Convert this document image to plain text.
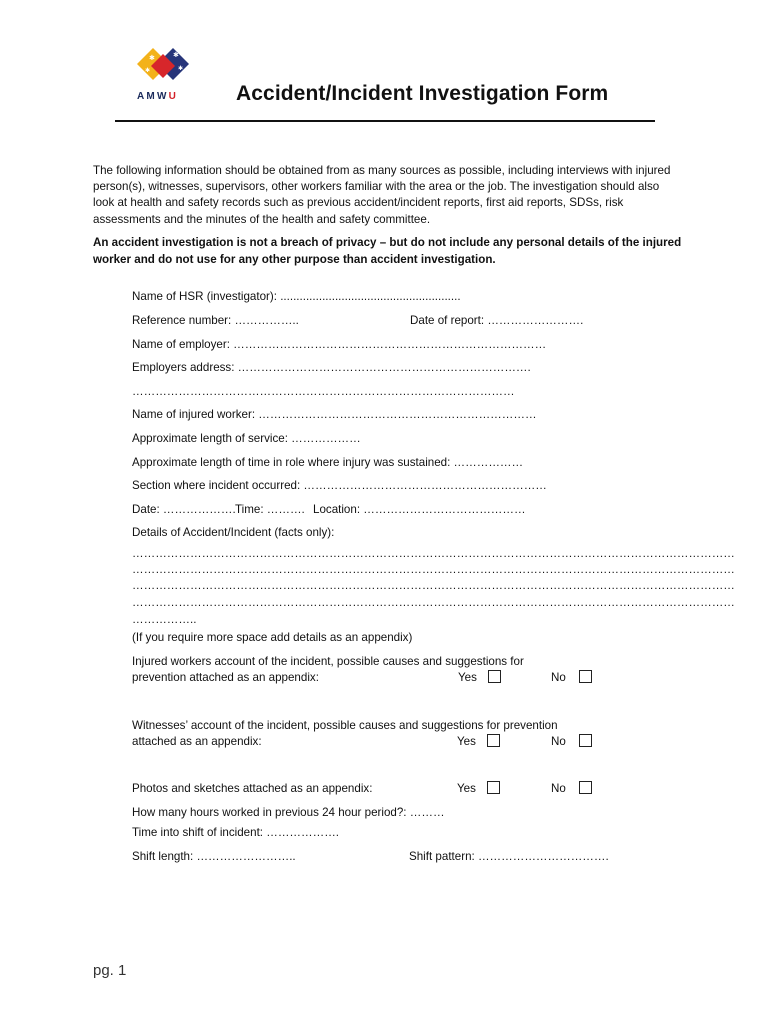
✱	✱
✱	✱
AMWU	Accident/Incident Investigation Form
The following information should be obtained from as many sources as possible, including interviews with injured person(s), witnesses, supervisors, other workers familiar with the area or the job. The investigation should also look at health and safety records such as previous accident/incident reports, first aid reports, SDSs, risk assessments and the minutes of the health and safety committee.
An accident investigation is not a breach of privacy – but do not include any personal details of the injured worker and do not use for any other purpose than accident investigation.
Name of HSR (investigator): ........................................................
Reference number: ……………..	Date of report: …………………….
Name of employer: ………………………………………………………………………
Employers address: ………………………………………………………………….
………………………………………………………………………………………
Name of injured worker: ………………………………………………………………
Approximate length of service: ………………
Approximate length of time in role where injury was sustained: ………………
Section where incident occurred: ………………………………………………………
Date: ………………. Time: ………. Location: ……………………………………
Details of Accident/Incident (facts only):
…………………………………………………………………………………………………………………………………………
…………………………………………………………………………………………………………………………………………
…………………………………………………………………………………………………………………………………………
…………………………………………………………………………………………………………………………………………
……………..
(If you require more space add details as an appendix)
Injured workers account of the incident, possible causes and suggestions for
prevention attached as an appendix:	Yes	No
Witnesses’ account of the incident, possible causes and suggestions for prevention
attached as an appendix:	Yes	No
Photos and sketches attached as an appendix:	Yes	No
How many hours worked in previous 24 hour period?: ………
Time into shift of incident: ……………….
Shift length: ……………………..	Shift pattern: …………………………….
pg. 1
